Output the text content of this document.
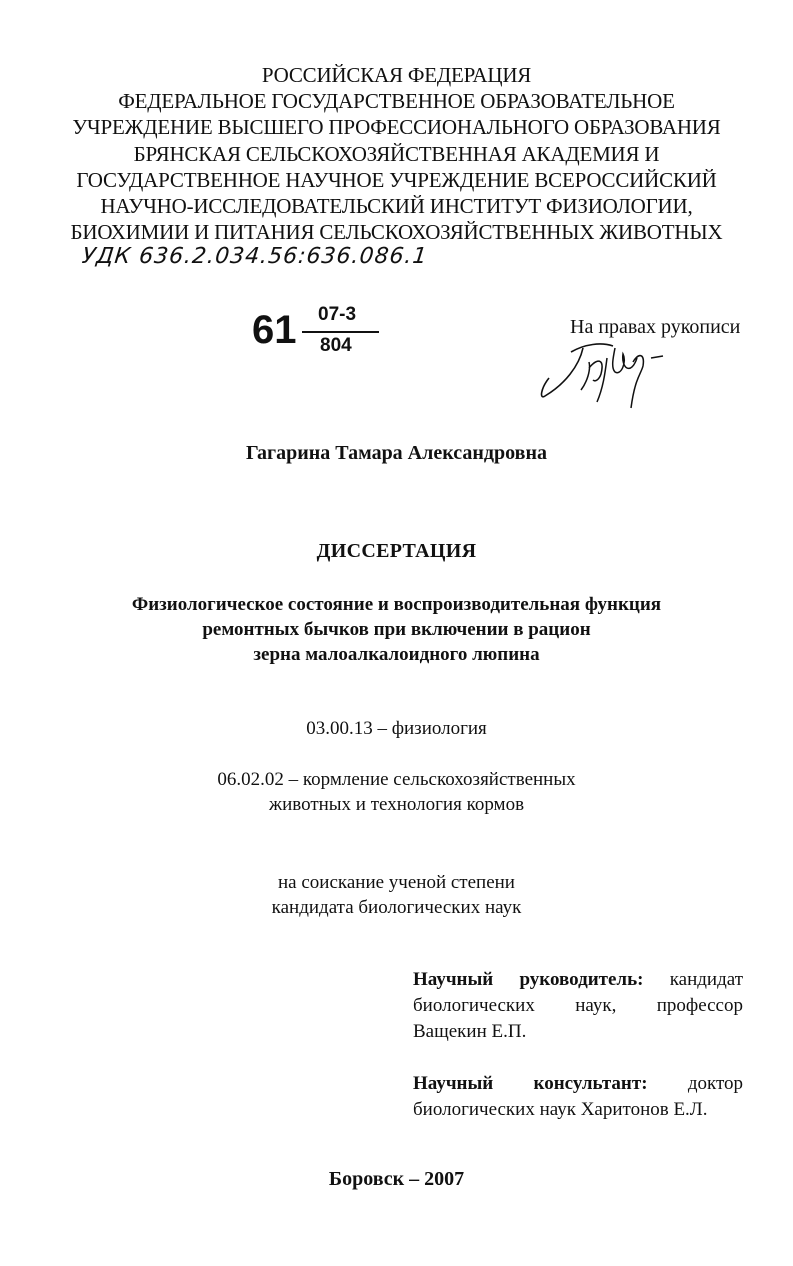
РОССИЙСКАЯ ФЕДЕРАЦИЯ
ФЕДЕРАЛЬНОЕ ГОСУДАРСТВЕННОЕ ОБРАЗОВАТЕЛЬНОЕ
УЧРЕЖДЕНИЕ ВЫСШЕГО ПРОФЕССИОНАЛЬНОГО ОБРАЗОВАНИЯ
БРЯНСКАЯ СЕЛЬСКОХОЗЯЙСТВЕННАЯ АКАДЕМИЯ И
ГОСУДАРСТВЕННОЕ НАУЧНОЕ УЧРЕЖДЕНИЕ ВСЕРОССИЙСКИЙ
НАУЧНО-ИССЛЕДОВАТЕЛЬСКИЙ ИНСТИТУТ ФИЗИОЛОГИИ,
БИОХИМИИ И ПИТАНИЯ СЕЛЬСКОХОЗЯЙСТВЕННЫХ ЖИВОТНЫХ
УДК 636.2.034.56:636.086.1
61 07-3
804
На правах рукописи
Гагарина Тамара Александровна
ДИССЕРТАЦИЯ
Физиологическое состояние и воспроизводительная функция
ремонтных бычков при включении в рацион
зерна малоалкалоидного люпина
03.00.13 – физиология
06.02.02 – кормление сельскохозяйственных
животных и технология кормов
на соискание ученой степени
кандидата биологических наук
Научный руководитель: кандидат
биологических наук, профессор
Ващекин Е.П.
Научный консультант: доктор
биологических наук Харитонов Е.Л.
Боровск – 2007
